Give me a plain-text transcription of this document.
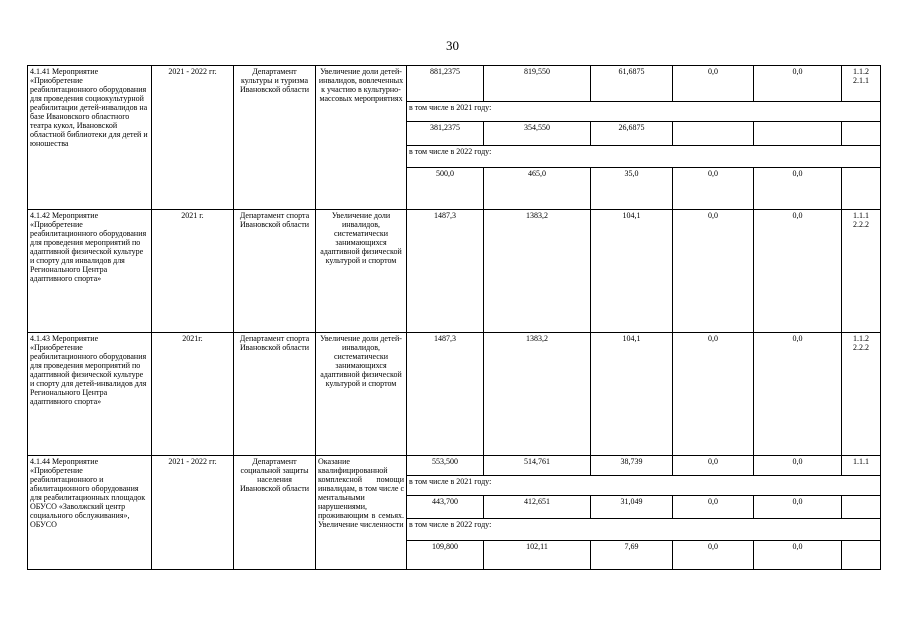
30
4.1.41 Мероприятие «Приобретение реабилитационного оборудования для проведения социокультурной реабилитации детей-инвалидов на базе Ивановского областного театра кукол, Ивановской областной библиотеки для детей и юношества	2021 - 2022 гг.	Департамент культуры и туризма Ивановской области	Увеличение доли детей-инвалидов, вовлеченных к участию в культурно-массовых мероприятиях	881,2375	819,550	61,6875	0,0	0,0	1.1.2
2.1.1
				в том числе в 2021 году:					
				381,2375	354,550	26,6875			
				в том числе в 2022 году:					
				500,0	465,0	35,0	0,0	0,0	
4.1.42 Мероприятие «Приобретение реабилитационного оборудования для проведения мероприятий по адаптивной физической культуре и спорту для инвалидов для Регионального Центра адаптивного спорта»	2021 г.	Департамент спорта Ивановской области	Увеличение доли инвалидов, систематически занимающихся адаптивной физической культурой и спортом	1487,3	1383,2	104,1	0,0	0,0	1.1.1
2.2.2
4.1.43 Мероприятие «Приобретение реабилитационного оборудования для проведения мероприятий по адаптивной физической культуре и спорту для детей-инвалидов для Регионального Центра адаптивного спорта»	2021г.	Департамент спорта Ивановской области	Увеличение доли детей-инвалидов, систематически занимающихся адаптивной физической культурой и спортом	1487,3	1383,2	104,1	0,0	0,0	1.1.2
2.2.2
4.1.44 Мероприятие «Приобретение реабилитационного и абилитационного оборудования для реабилитационных площадок ОБУСО «Заволжский центр социального обслуживания», ОБУСО	2021 - 2022 гг.	Департамент социальной защиты населения Ивановской области	Оказание квалифицированной комплексной помощи инвалидам, в том числе с ментальными нарушениями, проживающим в семьях. Увеличение численности	553,500	514,761	38,739	0,0	0,0	1.1.1
				в том числе в 2021 году:					
				443,700	412,651	31,049	0,0	0,0	
				в том числе в 2022 году:					
				109,800	102,11	7,69	0,0	0,0	
